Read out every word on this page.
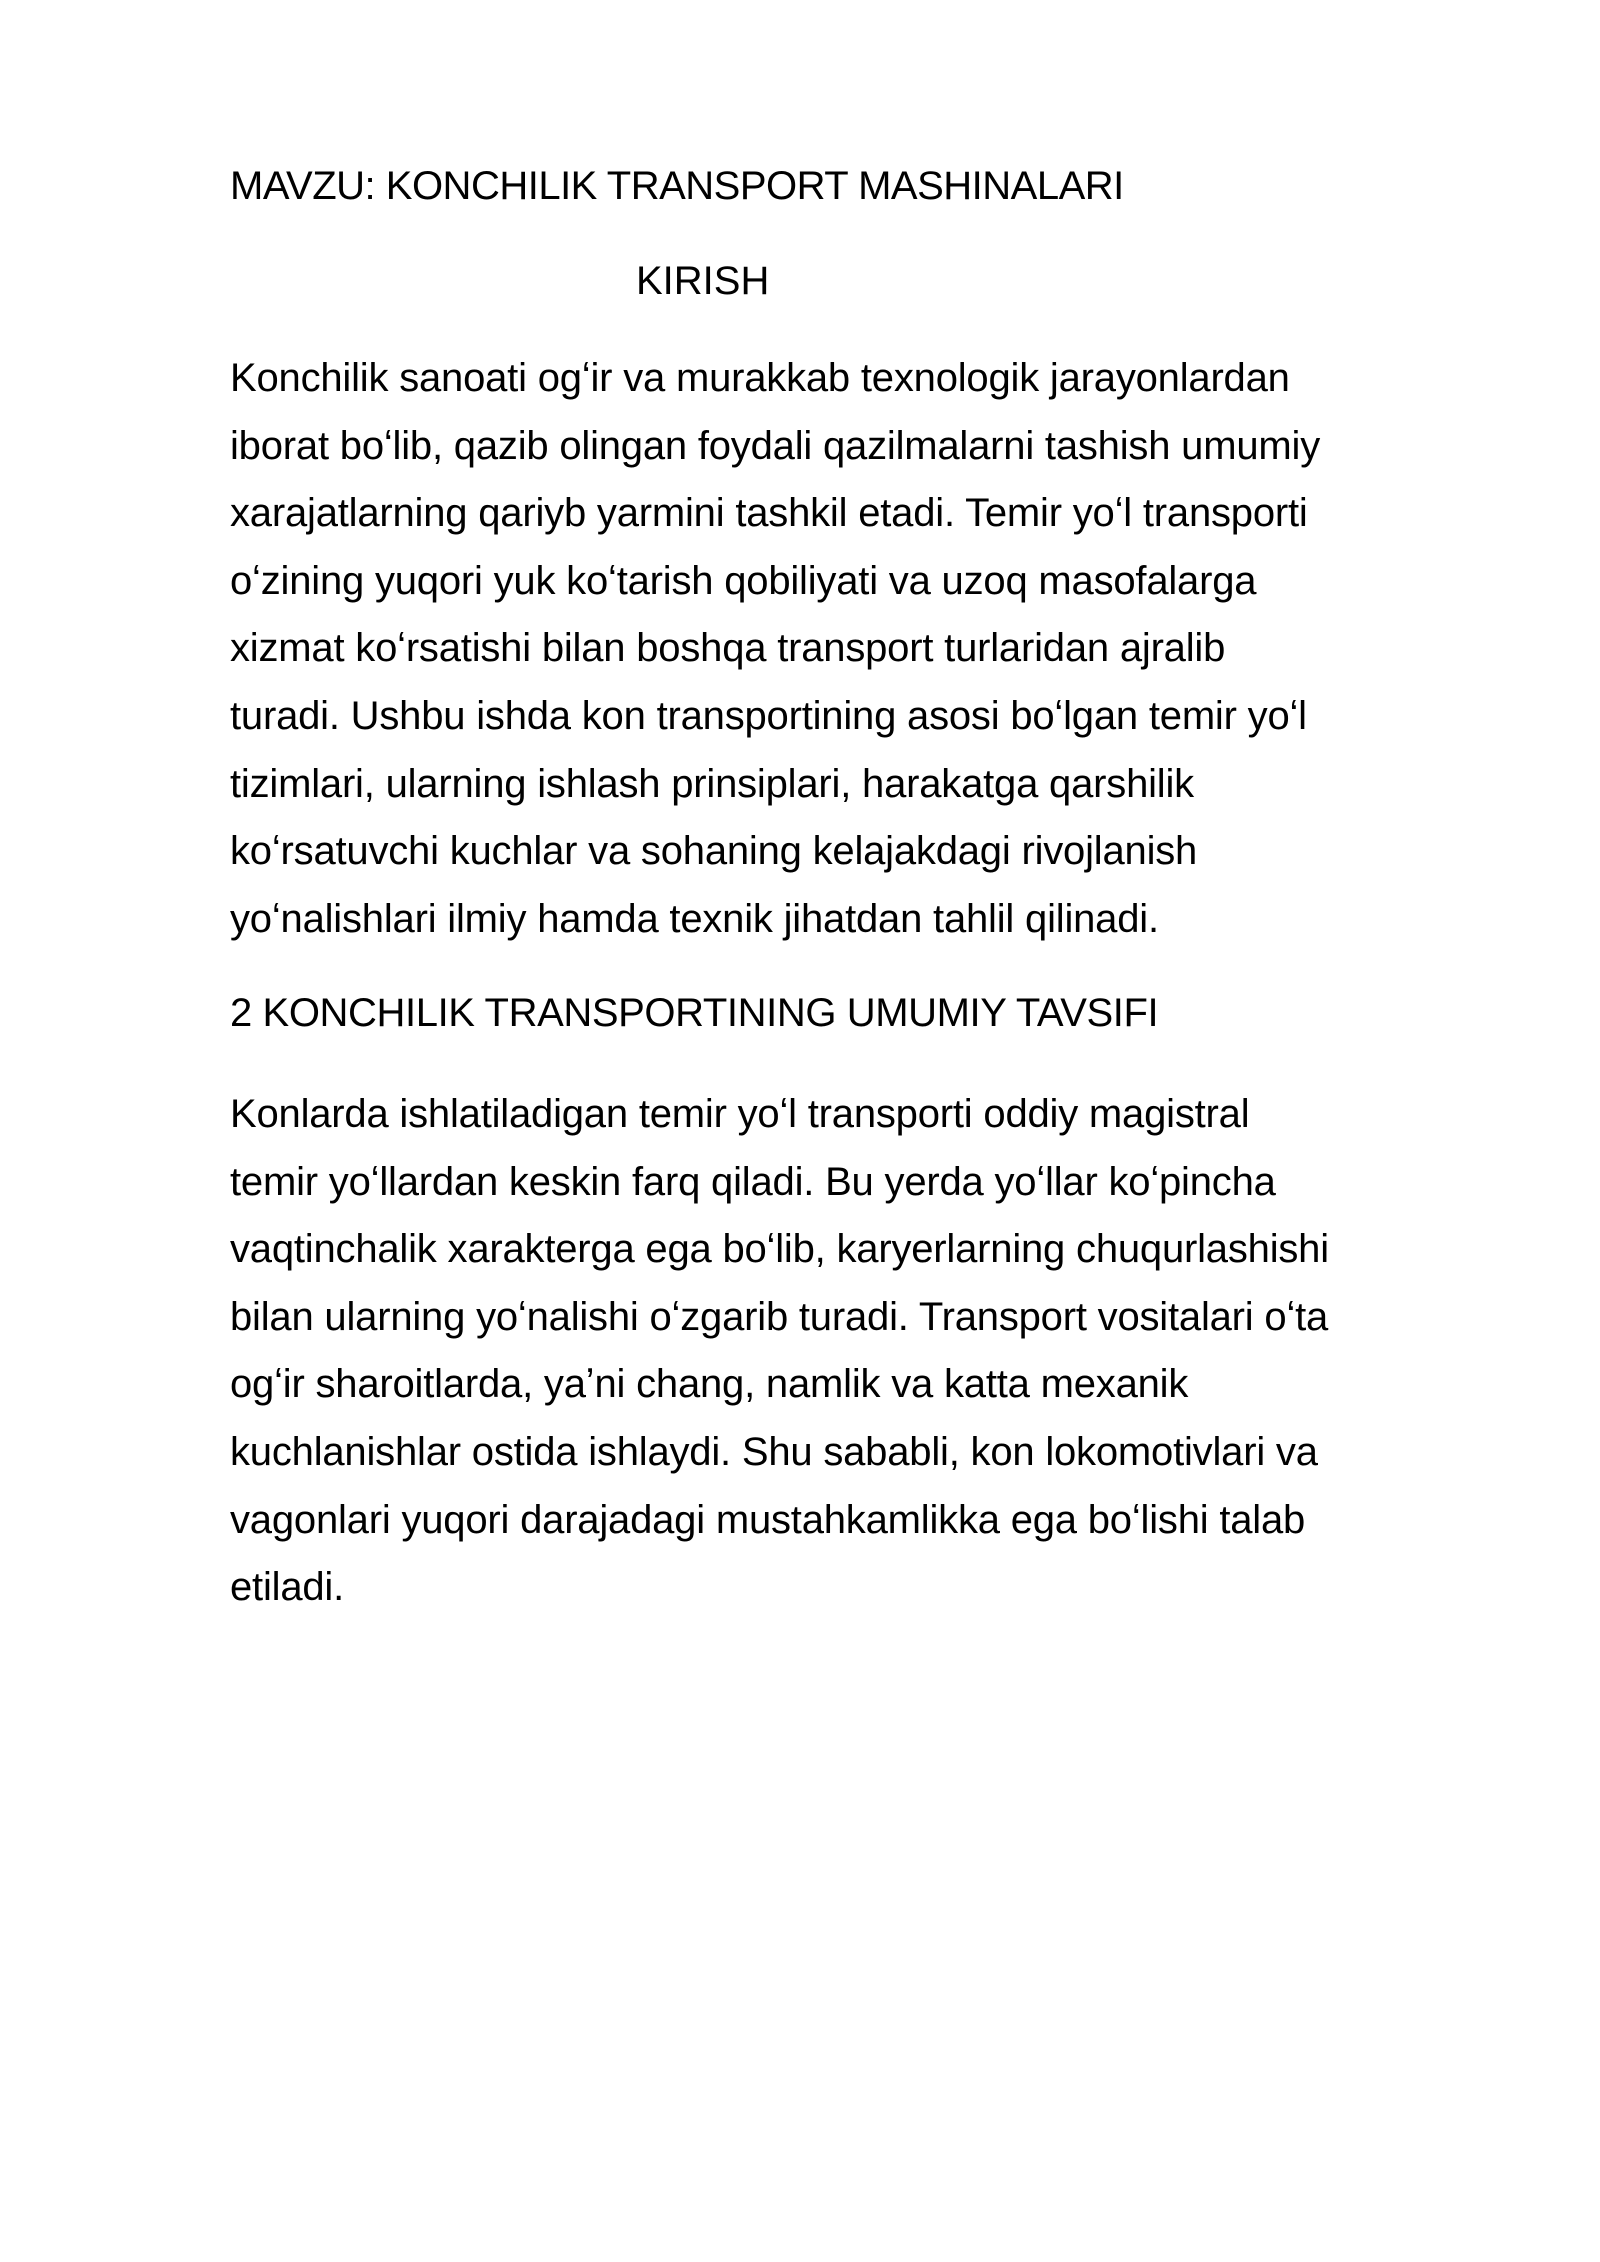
MAVZU: KONCHILIK TRANSPORT MASHINALARI
KIRISH

Konchilik sanoati ogʻir va murakkab texnologik jarayonlardan
iborat boʻlib, qazib olingan foydali qazilmalarni tashish umumiy
xarajatlarning qariyb yarmini tashkil etadi. Temir yoʻl transporti
oʻzining yuqori yuk koʻtarish qobiliyati va uzoq masofalarga
xizmat koʻrsatishi bilan boshqa transport turlaridan ajralib
turadi. Ushbu ishda kon transportining asosi boʻlgan temir yoʻl
tizimlari, ularning ishlash prinsiplari, harakatga qarshilik
koʻrsatuvchi kuchlar va sohaning kelajakdagi rivojlanish
yoʻnalishlari ilmiy hamda texnik jihatdan tahlil qilinadi.

2 KONCHILIK TRANSPORTINING UMUMIY TAVSIFI

Konlarda ishlatiladigan temir yoʻl transporti oddiy magistral
temir yoʻllardan keskin farq qiladi. Bu yerda yoʻllar koʻpincha
vaqtinchalik xarakterga ega boʻlib, karyerlarning chuqurlashishi
bilan ularning yoʻnalishi oʻzgarib turadi. Transport vositalari oʻta
ogʻir sharoitlarda, yaʼni chang, namlik va katta mexanik
kuchlanishlar ostida ishlaydi. Shu sababli, kon lokomotivlari va
vagonlari yuqori darajadagi mustahkamlikka ega boʻlishi talab
etiladi.
